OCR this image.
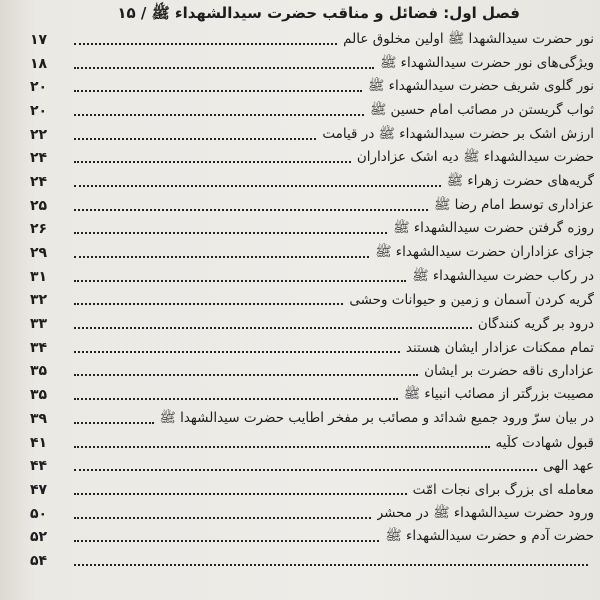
فصل اول: فضائل و مناقب حضرت سیدالشهداء ﷺ / ۱۵
۱۷	نور حضرت سیدالشهدا ﷺ اولین مخلوق عالم
۱۸	ویژگی‌های نور حضرت سیدالشهداء ﷺ
۲۰	نور گلوی شریف حضرت سیدالشهداء ﷺ
۲۰	ثواب گریستن در مصائب امام حسین ﷺ
۲۲	ارزش اشک بر حضرت سیدالشهداء ﷺ در قیامت
۲۴	حضرت سیدالشهداء ﷺ دیه اشک عزاداران
۲۴	گریه‌های حضرت زهراء ﷺ
۲۵	عزاداری توسط امام رضا ﷺ
۲۶	روزه گرفتن حضرت سیدالشهداء ﷺ
۲۹	جزای عزاداران حضرت سیدالشهداء ﷺ
۳۱	در رکاب حضرت سیدالشهداء ﷺ
۳۲	گریه کردن آسمان و زمین و حیوانات وحشی
۳۳	درود بر گریه کنندگان
۳۴	تمام ممکنات عزادار ایشان هستند
۳۵	عزاداری ناقه حضرت بر ایشان
۳۵	مصیبت بزرگتر از مصائب انبیاء ﷺ
۳۹	در بیان سرّ ورود جمیع شدائد و مصائب بر مفخر اطایب حضرت سیدالشهدا ﷺ
۴۱	قبول شهادت کلّیه
۴۴	عهد الهی
۴۷	معامله ای بزرگ برای نجات امّت
۵۰	ورود حضرت سیدالشهداء ﷺ در محشر
۵۲	حضرت آدم و حضرت سیدالشهداء ﷺ
۵۴
